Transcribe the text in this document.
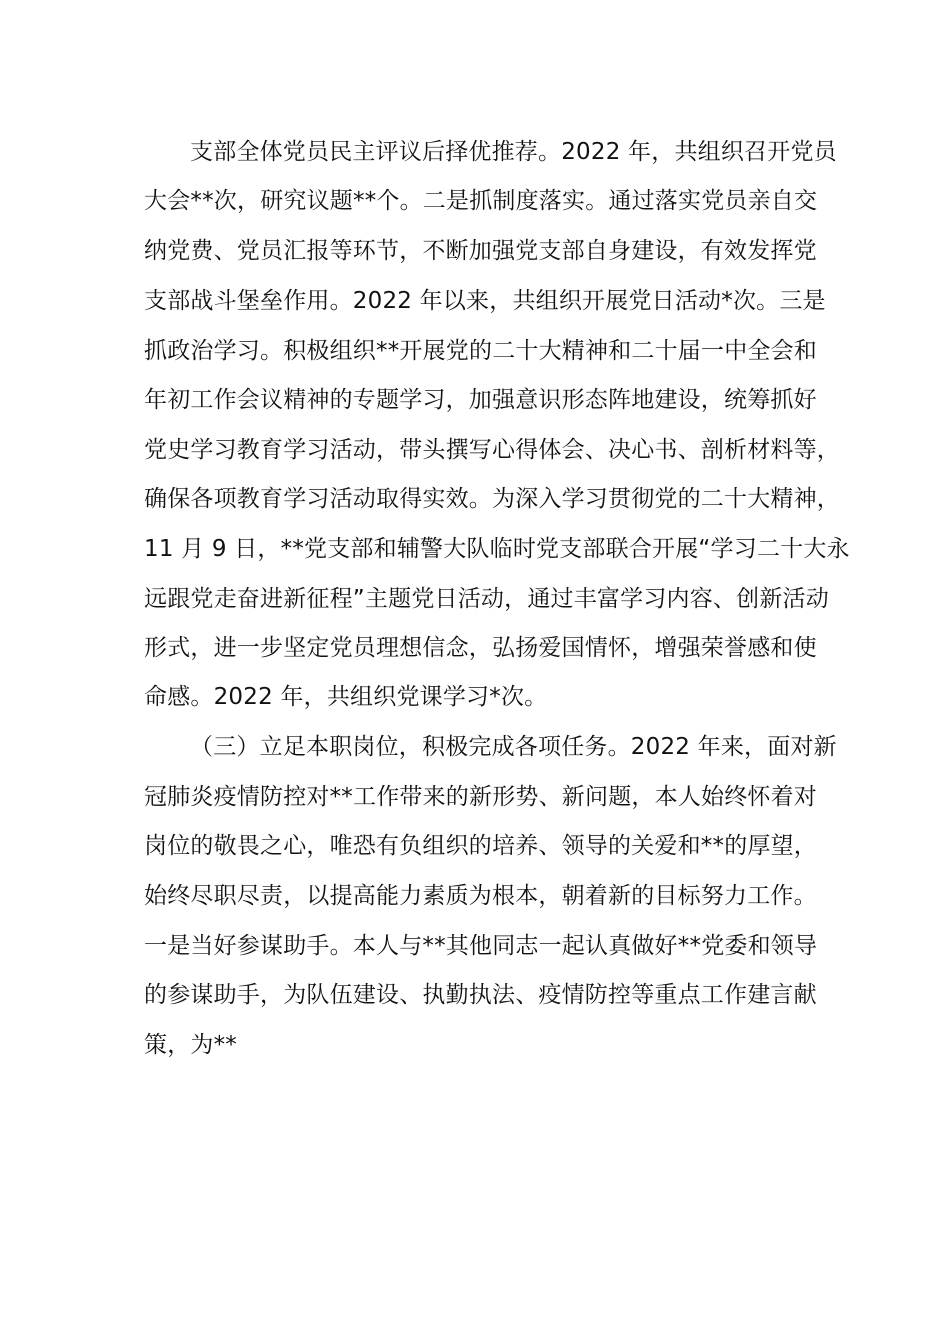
支部全体党员民主评议后择优推荐。2022 年，共组织召开党员

大会**次，研究议题**个。二是抓制度落实。通过落实党员亲自交

纳党费、党员汇报等环节，不断加强党支部自身建设，有效发挥党

支部战斗堡垒作用。2022 年以来，共组织开展党日活动*次。三是

抓政治学习。积极组织**开展党的二十大精神和二十届一中全会和

年初工作会议精神的专题学习，加强意识形态阵地建设，统筹抓好

党史学习教育学习活动，带头撰写心得体会、决心书、剖析材料等，

确保各项教育学习活动取得实效。为深入学习贯彻党的二十大精神，

11 月 9 日，**党支部和辅警大队临时党支部联合开展“学习二十大永

远跟党走奋进新征程”主题党日活动，通过丰富学习内容、创新活动

形式，进一步坚定党员理想信念，弘扬爱国情怀，增强荣誉感和使

命感。2022 年，共组织党课学习*次。

（三）立足本职岗位，积极完成各项任务。2022 年来，面对新

冠肺炎疫情防控对**工作带来的新形势、新问题，本人始终怀着对

岗位的敬畏之心，唯恐有负组织的培养、领导的关爱和**的厚望，

始终尽职尽责，以提高能力素质为根本，朝着新的目标努力工作。

一是当好参谋助手。本人与**其他同志一起认真做好**党委和领导

的参谋助手，为队伍建设、执勤执法、疫情防控等重点工作建言献

策，为**
